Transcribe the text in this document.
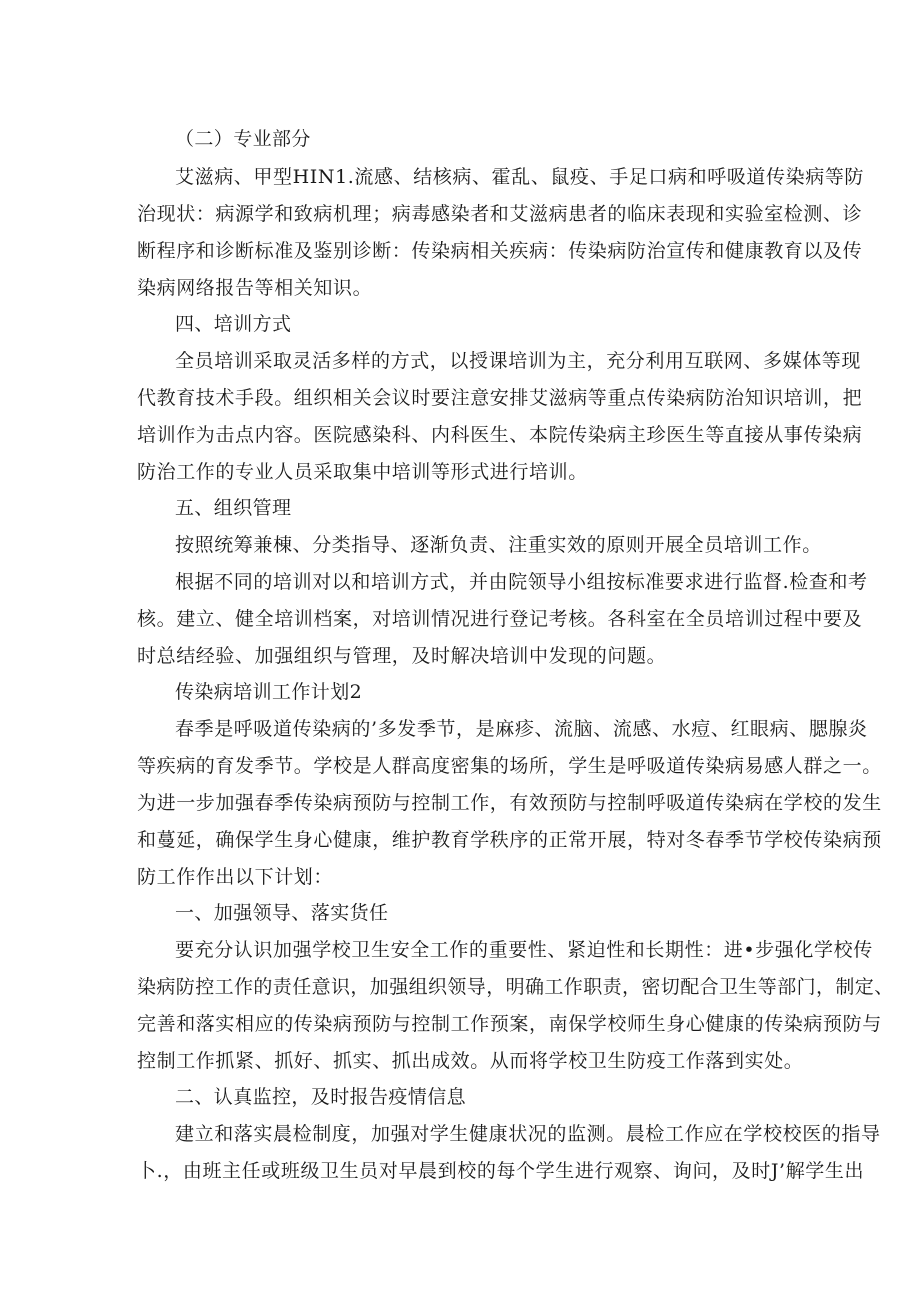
（二）专业部分
艾滋病、甲型HIN1.流感、结核病、霍乱、鼠疫、手足口病和呼吸道传染病等防
治现状：病源学和致病机理；病毒感染者和艾滋病患者的临床表现和实验室检测、诊
断程序和诊断标准及鉴别诊断：传染病相关疾病：传染病防治宣传和健康教育以及传
染病网络报告等相关知识。
四、培训方式
全员培训采取灵活多样的方式，以授课培训为主，充分利用互联网、多媒体等现
代教育技术手段。组织相关会议时要注意安排艾滋病等重点传染病防治知识培训，把
培训作为击点内容。医院感染科、内科医生、本院传染病主珍医生等直接从事传染病
防治工作的专业人员采取集中培训等形式进行培训。
五、组织管理
按照统筹兼棟、分类指导、逐渐负责、注重实效的原则开展全员培训工作。
根据不同的培训对以和培训方式，并由院领导小组按标准要求进行监督.检查和考
核。建立、健全培训档案，对培训情况进行登记考核。各科室在全员培训过程中要及
时总结经验、加强组织与管理，及时解决培训中发现的问题。
传染病培训工作计划2
春季是呼吸道传染病的’多发季节，是麻疹、流脑、流感、水痘、红眼病、腮腺炎
等疾病的育发季节。学校是人群高度密集的场所，学生是呼吸道传染病易感人群之一。
为进一步加强春季传染病预防与控制工作，有效预防与控制呼吸道传染病在学校的发生
和蔓延，确保学生身心健康，维护教育学秩序的正常开展，特对冬春季节学校传染病预
防工作作出以下计划：
一、加强领导、落实货任
要充分认识加强学校卫生安全工作的重要性、紧迫性和长期性：进•步强化学校传
染病防控工作的责任意识，加强组织领导，明确工作职责，密切配合卫生等部门，制定、
完善和落实相应的传染病预防与控制工作预案，南保学校师生身心健康的传染病预防与
控制工作抓紧、抓好、抓实、抓出成效。从而将学校卫生防疫工作落到实处。
二、认真监控，及时报告疫情信息
建立和落实晨检制度，加强对学生健康状况的监测。晨检工作应在学校校医的指导
卜.，由班主任或班级卫生员对早晨到校的每个学生进行观察、询问，及时J’解学生出
